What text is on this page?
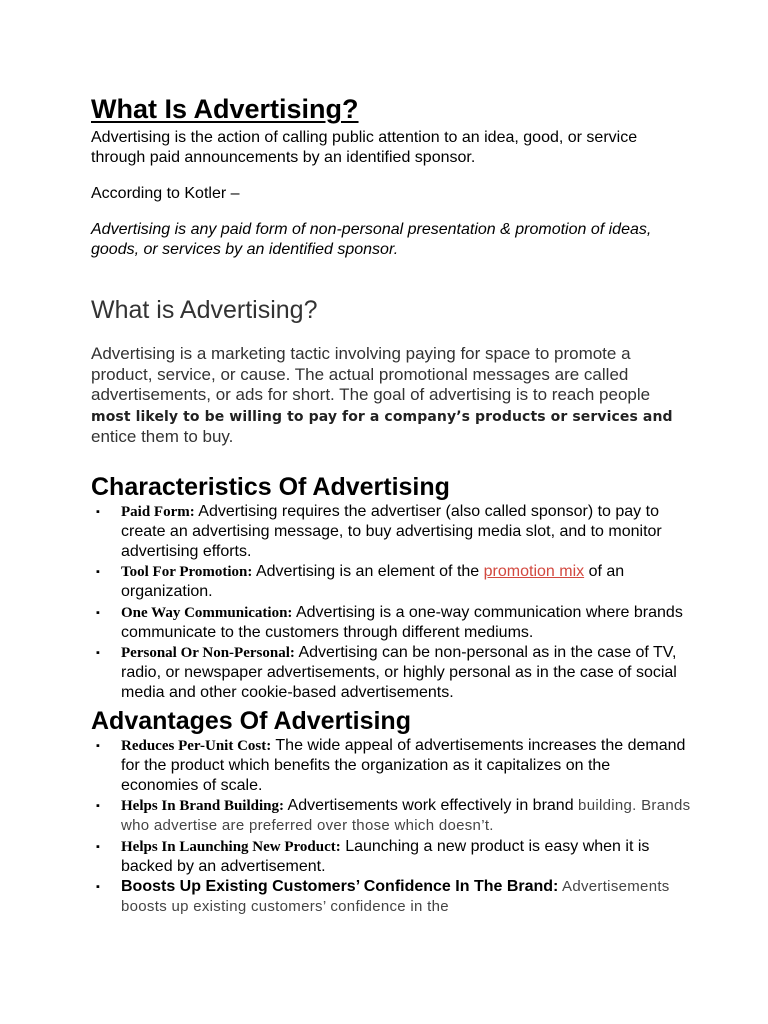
What Is Advertising?

Advertising is the action of calling public attention to an idea, good, or service through paid announcements by an identified sponsor.

According to Kotler –

Advertising is any paid form of non-personal presentation & promotion of ideas, goods, or services by an identified sponsor.

What is Advertising?

Advertising is a marketing tactic involving paying for space to promote a product, service, or cause. The actual promotional messages are called advertisements, or ads for short. The goal of advertising is to reach people most likely to be willing to pay for a company’s products or services and entice them to buy.

Characteristics Of Advertising
▪ Paid Form: Advertising requires the advertiser (also called sponsor) to pay to create an advertising message, to buy advertising media slot, and to monitor advertising efforts.
▪ Tool For Promotion: Advertising is an element of the promotion mix of an organization.
▪ One Way Communication: Advertising is a one-way communication where brands communicate to the customers through different mediums.
▪ Personal Or Non-Personal: Advertising can be non-personal as in the case of TV, radio, or newspaper advertisements, or highly personal as in the case of social media and other cookie-based advertisements.
Advantages Of Advertising
▪ Reduces Per-Unit Cost: The wide appeal of advertisements increases the demand for the product which benefits the organization as it capitalizes on the economies of scale.
▪ Helps In Brand Building: Advertisements work effectively in brand building. Brands who advertise are preferred over those which doesn’t.
▪ Helps In Launching New Product: Launching a new product is easy when it is backed by an advertisement.
▪ Boosts Up Existing Customers’ Confidence In The Brand: Advertisements boosts up existing customers’ confidence in the
